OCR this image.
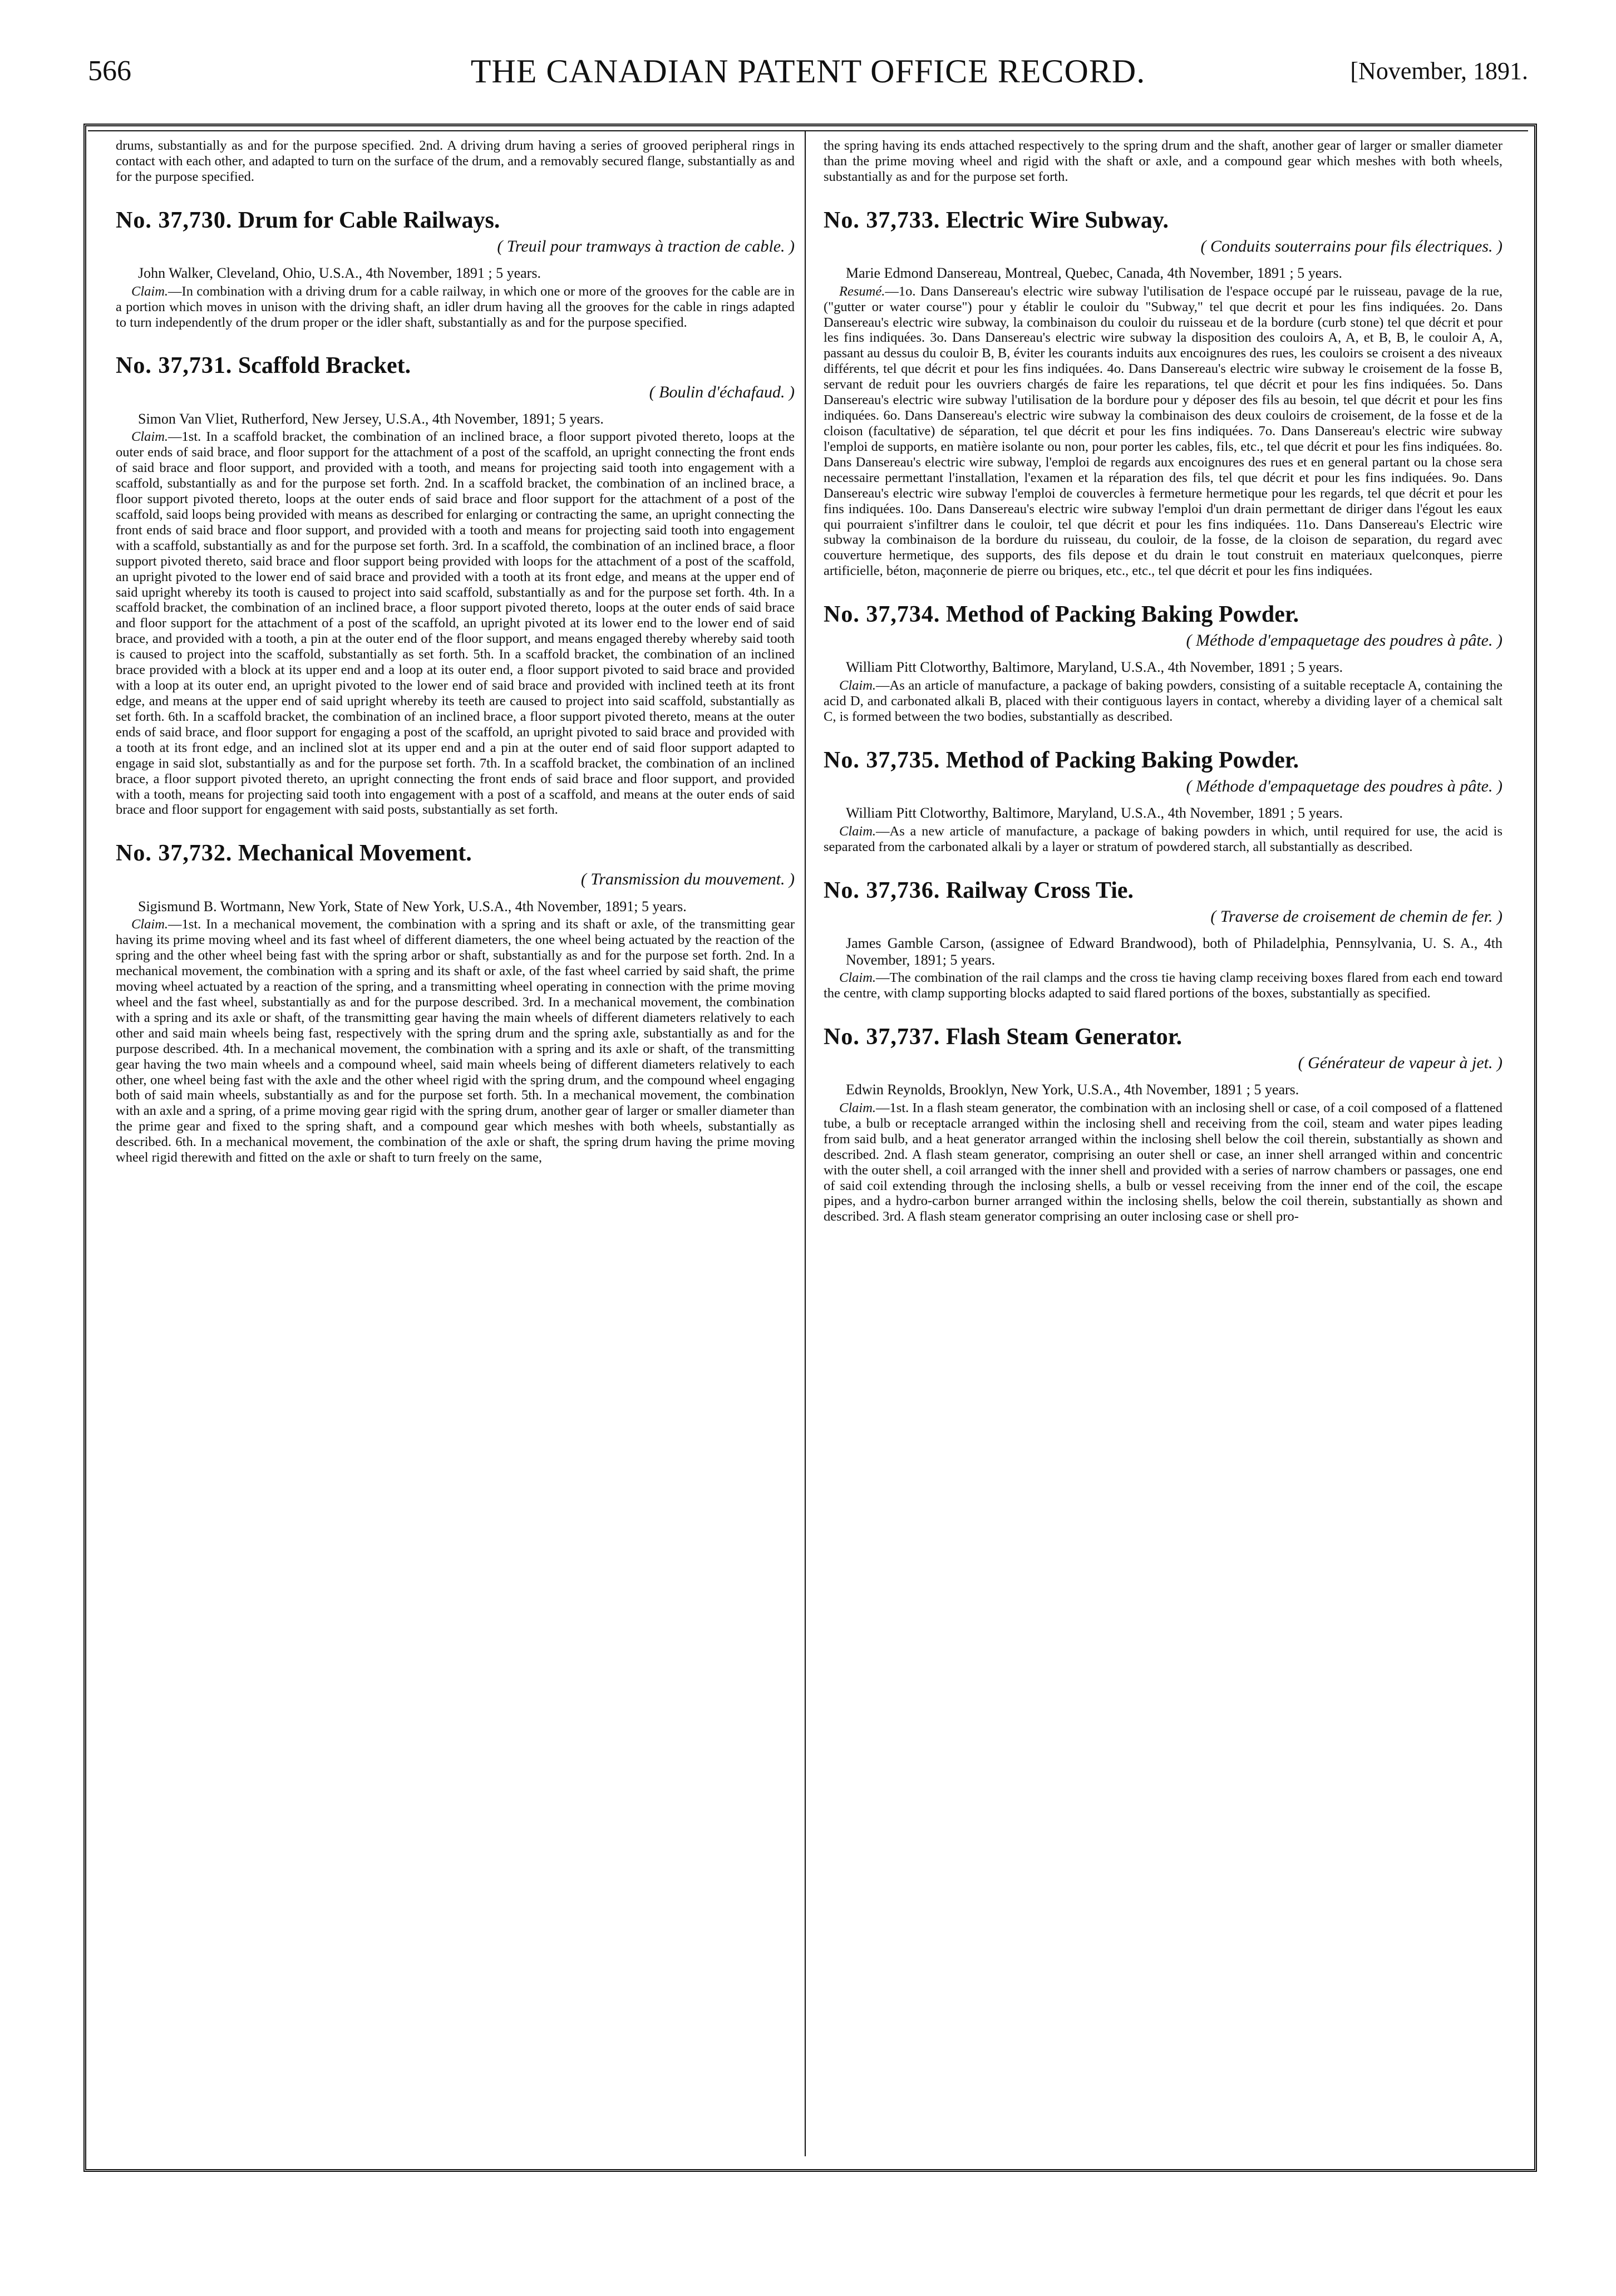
566	THE CANADIAN PATENT OFFICE RECORD.	[November, 1891.

drums, substantially as and for the purpose specified. 2nd. A driving drum having a series of grooved peripheral rings in contact with each other, and adapted to turn on the surface of the drum, and a removably secured flange, substantially as and for the purpose specified.

No. 37,730. Drum for Cable Railways.
( Treuil pour tramways à traction de cable. )

John Walker, Cleveland, Ohio, U.S.A., 4th November, 1891 ; 5 years.

Claim.—In combination with a driving drum for a cable railway, in which one or more of the grooves for the cable are in a portion which moves in unison with the driving shaft, an idler drum having all the grooves for the cable in rings adapted to turn independently of the drum proper or the idler shaft, substantially as and for the purpose specified.

No. 37,731. Scaffold Bracket.
( Boulin d'échafaud. )

Simon Van Vliet, Rutherford, New Jersey, U.S.A., 4th November, 1891; 5 years.

Claim.—1st. In a scaffold bracket, the combination of an inclined brace, a floor support pivoted thereto, loops at the outer ends of said brace, and floor support for the attachment of a post of the scaffold, an upright connecting the front ends of said brace and floor support, and provided with a tooth, and means for projecting said tooth into engagement with a scaffold, substantially as and for the purpose set forth. 2nd. In a scaffold bracket, the combination of an inclined brace, a floor support pivoted thereto, loops at the outer ends of said brace and floor support for the attachment of a post of the scaffold, said loops being provided with means as described for enlarging or contracting the same, an upright connecting the front ends of said brace and floor support, and provided with a tooth and means for projecting said tooth into engagement with a scaffold, substantially as and for the purpose set forth. 3rd. In a scaffold, the combination of an inclined brace, a floor support pivoted thereto, said brace and floor support being provided with loops for the attachment of a post of the scaffold, an upright pivoted to the lower end of said brace and provided with a tooth at its front edge, and means at the upper end of said upright whereby its tooth is caused to project into said scaffold, substantially as and for the purpose set forth. 4th. In a scaffold bracket, the combination of an inclined brace, a floor support pivoted thereto, loops at the outer ends of said brace and floor support for the attachment of a post of the scaffold, an upright pivoted at its lower end to the lower end of said brace, and provided with a tooth, a pin at the outer end of the floor support, and means engaged thereby whereby said tooth is caused to project into the scaffold, substantially as set forth. 5th. In a scaffold bracket, the combination of an inclined brace provided with a block at its upper end and a loop at its outer end, a floor support pivoted to said brace and provided with a loop at its outer end, an upright pivoted to the lower end of said brace and provided with inclined teeth at its front edge, and means at the upper end of said upright whereby its teeth are caused to project into said scaffold, substantially as set forth. 6th. In a scaffold bracket, the combination of an inclined brace, a floor support pivoted thereto, means at the outer ends of said brace, and floor support for engaging a post of the scaffold, an upright pivoted to said brace and provided with a tooth at its front edge, and an inclined slot at its upper end and a pin at the outer end of said floor support adapted to engage in said slot, substantially as and for the purpose set forth. 7th. In a scaffold bracket, the combination of an inclined brace, a floor support pivoted thereto, an upright connecting the front ends of said brace and floor support, and provided with a tooth, means for projecting said tooth into engagement with a post of a scaffold, and means at the outer ends of said brace and floor support for engagement with said posts, substantially as set forth.

No. 37,732. Mechanical Movement.
( Transmission du mouvement. )

Sigismund B. Wortmann, New York, State of New York, U.S.A., 4th November, 1891; 5 years.

Claim.—1st. In a mechanical movement, the combination with a spring and its shaft or axle, of the transmitting gear having its prime moving wheel and its fast wheel of different diameters, the one wheel being actuated by the reaction of the spring and the other wheel being fast with the spring arbor or shaft, substantially as and for the purpose set forth. 2nd. In a mechanical movement, the combination with a spring and its shaft or axle, of the fast wheel carried by said shaft, the prime moving wheel actuated by a reaction of the spring, and a transmitting wheel operating in connection with the prime moving wheel and the fast wheel, substantially as and for the purpose described. 3rd. In a mechanical movement, the combination with a spring and its axle or shaft, of the transmitting gear having the main wheels of different diameters relatively to each other and said main wheels being fast, respectively with the spring drum and the spring axle, substantially as and for the purpose described. 4th. In a mechanical movement, the combination with a spring and its axle or shaft, of the transmitting gear having the two main wheels and a compound wheel, said main wheels being of different diameters relatively to each other, one wheel being fast with the axle and the other wheel rigid with the spring drum, and the compound wheel engaging both of said main wheels, substantially as and for the purpose set forth. 5th. In a mechanical movement, the combination with an axle and a spring, of a prime moving gear rigid with the spring drum, another gear of larger or smaller diameter than the prime gear and fixed to the spring shaft, and a compound gear which meshes with both wheels, substantially as described. 6th. In a mechanical movement, the combination of the axle or shaft, the spring drum having the prime moving wheel rigid therewith and fitted on the axle or shaft to turn freely on the same,

the spring having its ends attached respectively to the spring drum and the shaft, another gear of larger or smaller diameter than the prime moving wheel and rigid with the shaft or axle, and a compound gear which meshes with both wheels, substantially as and for the purpose set forth.

No. 37,733. Electric Wire Subway.
( Conduits souterrains pour fils électriques. )

Marie Edmond Dansereau, Montreal, Quebec, Canada, 4th November, 1891 ; 5 years.

Resumé.—1o. Dans Dansereau's electric wire subway l'utilisation de l'espace occupé par le ruisseau, pavage de la rue, ("gutter or water course") pour y établir le couloir du "Subway," tel que decrit et pour les fins indiquées. 2o. Dans Dansereau's electric wire subway, la combinaison du couloir du ruisseau et de la bordure (curb stone) tel que décrit et pour les fins indiquées. 3o. Dans Dansereau's electric wire subway la disposition des couloirs A, A, et B, B, le couloir A, A, passant au dessus du couloir B, B, éviter les courants induits aux encoignures des rues, les couloirs se croisent a des niveaux différents, tel que décrit et pour les fins indiquées. 4o. Dans Dansereau's electric wire subway le croisement de la fosse B, servant de reduit pour les ouvriers chargés de faire les reparations, tel que décrit et pour les fins indiquées. 5o. Dans Dansereau's electric wire subway l'utilisation de la bordure pour y déposer des fils au besoin, tel que décrit et pour les fins indiquées. 6o. Dans Dansereau's electric wire subway la combinaison des deux couloirs de croisement, de la fosse et de la cloison (facultative) de séparation, tel que décrit et pour les fins indiquées. 7o. Dans Dansereau's electric wire subway l'emploi de supports, en matière isolante ou non, pour porter les cables, fils, etc., tel que décrit et pour les fins indiquées. 8o. Dans Dansereau's electric wire subway, l'emploi de regards aux encoignures des rues et en general partant ou la chose sera necessaire permettant l'installation, l'examen et la réparation des fils, tel que décrit et pour les fins indiquées. 9o. Dans Dansereau's electric wire subway l'emploi de couvercles à fermeture hermetique pour les regards, tel que décrit et pour les fins indiquées. 10o. Dans Dansereau's electric wire subway l'emploi d'un drain permettant de diriger dans l'égout les eaux qui pourraient s'infiltrer dans le couloir, tel que décrit et pour les fins indiquées. 11o. Dans Dansereau's Electric wire subway la combinaison de la bordure du ruisseau, du couloir, de la fosse, de la cloison de separation, du regard avec couverture hermetique, des supports, des fils depose et du drain le tout construit en materiaux quelconques, pierre artificielle, béton, maçonnerie de pierre ou briques, etc., etc., tel que décrit et pour les fins indiquées.

No. 37,734. Method of Packing Baking Powder.
( Méthode d'empaquetage des poudres à pâte. )

William Pitt Clotworthy, Baltimore, Maryland, U.S.A., 4th November, 1891 ; 5 years.

Claim.—As an article of manufacture, a package of baking powders, consisting of a suitable receptacle A, containing the acid D, and carbonated alkali B, placed with their contiguous layers in contact, whereby a dividing layer of a chemical salt C, is formed between the two bodies, substantially as described.

No. 37,735. Method of Packing Baking Powder.
( Méthode d'empaquetage des poudres à pâte. )

William Pitt Clotworthy, Baltimore, Maryland, U.S.A., 4th November, 1891 ; 5 years.

Claim.—As a new article of manufacture, a package of baking powders in which, until required for use, the acid is separated from the carbonated alkali by a layer or stratum of powdered starch, all substantially as described.

No. 37,736. Railway Cross Tie.
( Traverse de croisement de chemin de fer. )

James Gamble Carson, (assignee of Edward Brandwood), both of Philadelphia, Pennsylvania, U. S. A., 4th November, 1891; 5 years.

Claim.—The combination of the rail clamps and the cross tie having clamp receiving boxes flared from each end toward the centre, with clamp supporting blocks adapted to said flared portions of the boxes, substantially as specified.

No. 37,737. Flash Steam Generator.
( Générateur de vapeur à jet. )

Edwin Reynolds, Brooklyn, New York, U.S.A., 4th November, 1891 ; 5 years.

Claim.—1st. In a flash steam generator, the combination with an inclosing shell or case, of a coil composed of a flattened tube, a bulb or receptacle arranged within the inclosing shell and receiving from the coil, steam and water pipes leading from said bulb, and a heat generator arranged within the inclosing shell below the coil therein, substantially as shown and described. 2nd. A flash steam generator, comprising an outer shell or case, an inner shell arranged within and concentric with the outer shell, a coil arranged with the inner shell and provided with a series of narrow chambers or passages, one end of said coil extending through the inclosing shells, a bulb or vessel receiving from the inner end of the coil, the escape pipes, and a hydro-carbon burner arranged within the inclosing shells, below the coil therein, substantially as shown and described. 3rd. A flash steam generator comprising an outer inclosing case or shell pro-
